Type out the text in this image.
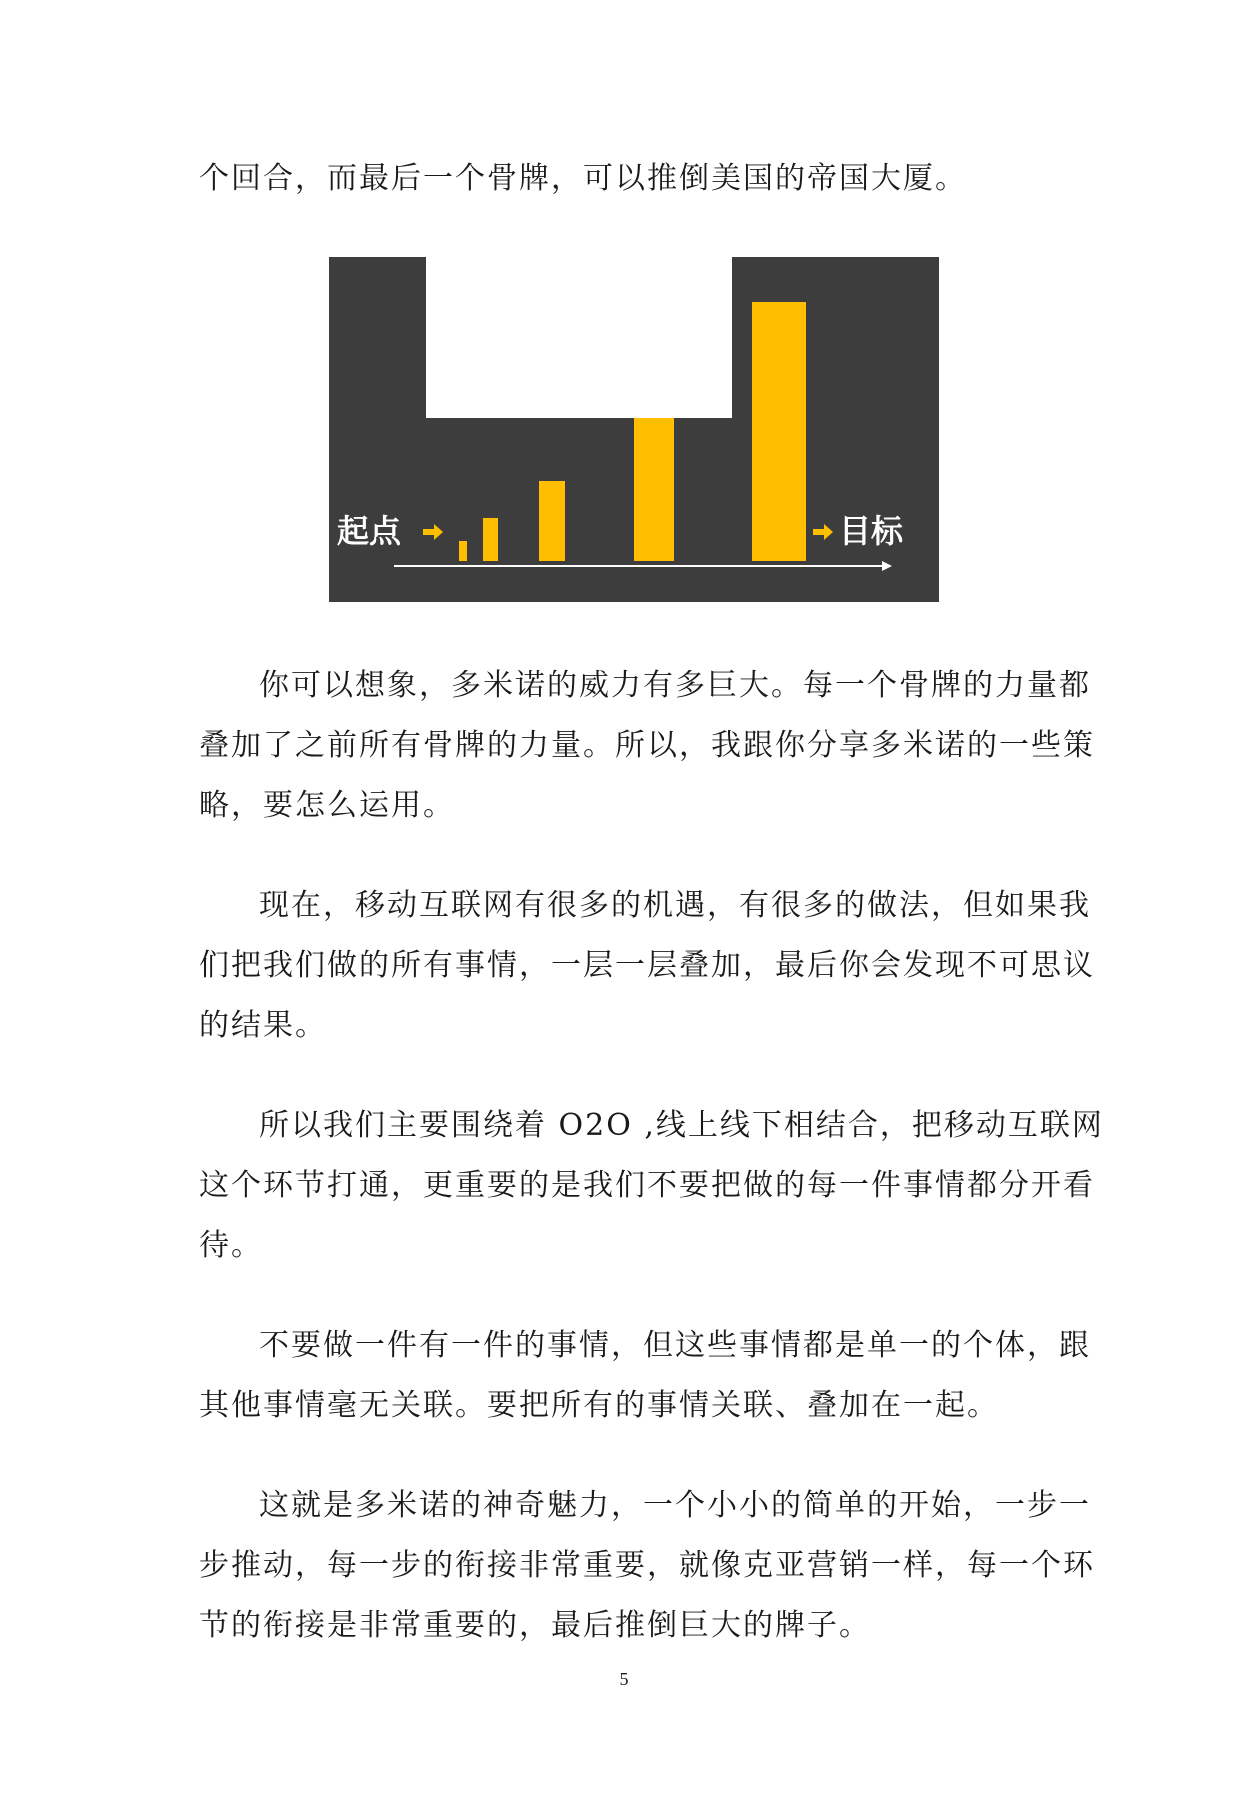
个回合，而最后一个骨牌，可以推倒美国的帝国大厦。
起点	目标
你可以想象，多米诺的威力有多巨大。每一个骨牌的力量都
叠加了之前所有骨牌的力量。所以，我跟你分享多米诺的一些策
略，要怎么运用。
现在，移动互联网有很多的机遇，有很多的做法，但如果我
们把我们做的所有事情，一层一层叠加，最后你会发现不可思议
的结果。
所以我们主要围绕着 O2O ,线上线下相结合，把移动互联网
这个环节打通，更重要的是我们不要把做的每一件事情都分开看
待。
不要做一件有一件的事情，但这些事情都是单一的个体，跟
其他事情毫无关联。要把所有的事情关联、叠加在一起。
这就是多米诺的神奇魅力，一个小小的简单的开始，一步一
步推动，每一步的衔接非常重要，就像克亚营销一样，每一个环
节的衔接是非常重要的，最后推倒巨大的牌子。
5
